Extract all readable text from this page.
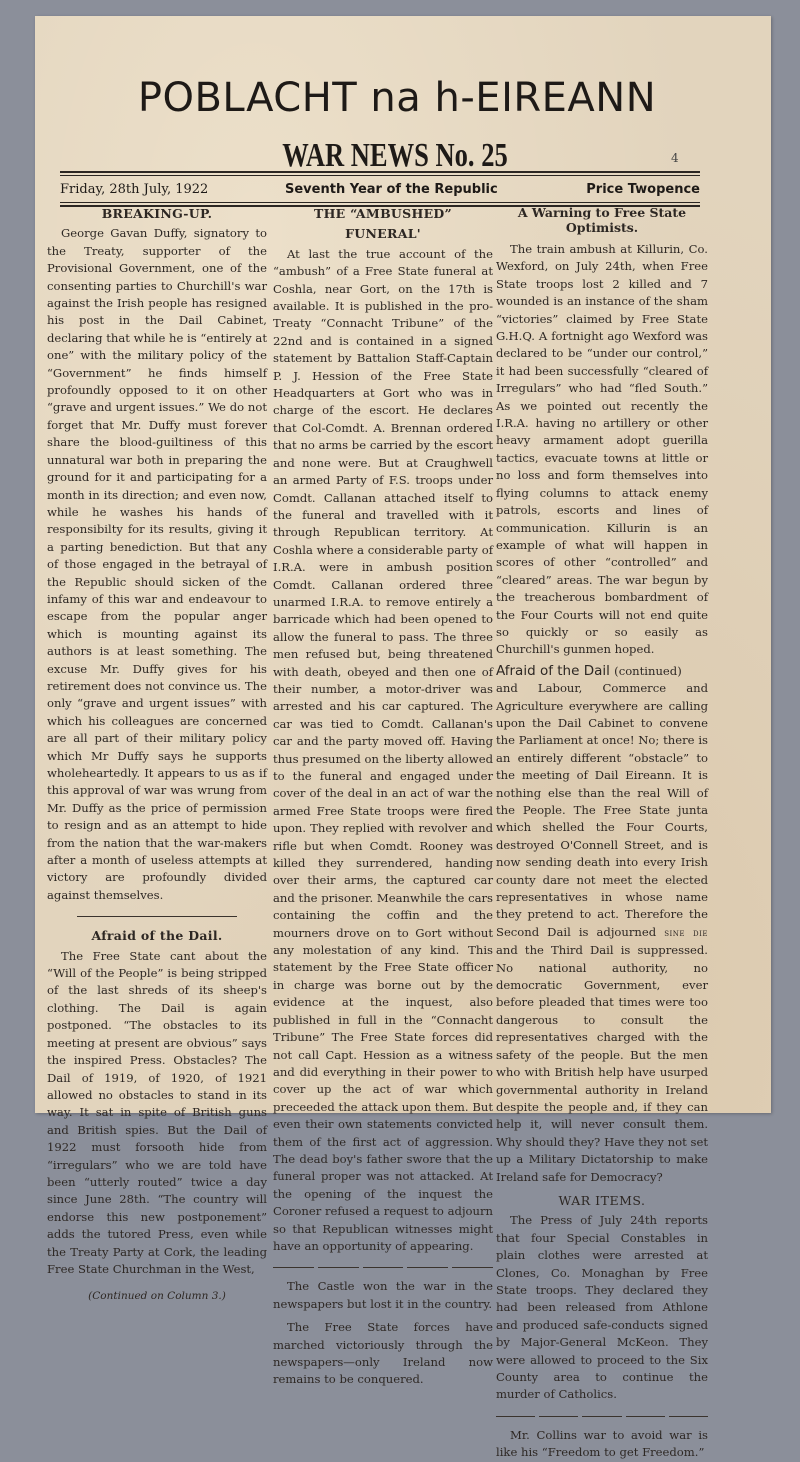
POBLACHT na h-EIREANN
WAR NEWS No. 25	4
Friday, 28th July, 1922	Seventh Year of the Republic	Price Twopence
BREAKING-UP.

George Gavan Duffy, signatory to the Treaty, supporter of the Provisional Government, one of the consenting parties to Churchill's war against the Irish people has resigned his post in the Dail Cabinet, declaring that while he is “entirely at one” with the military policy of the “Government” he finds himself profoundly opposed to it on other “grave and urgent issues.” We do not forget that Mr. Duffy must forever share the blood-guiltiness of this unnatural war both in preparing the ground for it and participating for a month in its direction; and even now, while he washes his hands of responsibilty for its results, giving it a parting benediction. But that any of those engaged in the betrayal of the Republic should sicken of the infamy of this war and endeavour to escape from the popular anger which is mounting against its authors is at least something. The excuse Mr. Duffy gives for his retirement does not convince us. The only “grave and urgent issues” with which his colleagues are concerned are all part of their military policy which Mr Duffy says he supports wholeheartedly. It appears to us as if this approval of war was wrung from Mr. Duffy as the price of permission to resign and as an attempt to hide from the nation that the war-makers after a month of useless attempts at victory are profoundly divided against themselves.

Afraid of the Dail.

The Free State cant about the “Will of the People” is being stripped of the last shreds of its sheep's clothing. The Dail is again postponed. “The obstacles to its meeting at present are obvious” says the inspired Press. Obstacles? The Dail of 1919, of 1920, of 1921 allowed no obstacles to stand in its way. It sat in spite of British guns and British spies. But the Dail of 1922 must forsooth hide from “irregulars” who we are told have been “utterly routed” twice a day since June 28th. “The country will endorse this new postponement” adds the tutored Press, even while the Treaty Party at Cork, the leading Free State Churchman in the West,

(Continued on Column 3.)
THE “AMBUSHED”
FUNERAL'

At last the true account of the “ambush” of a Free State funeral at Coshla, near Gort, on the 17th is available. It is published in the pro-Treaty “Connacht Tribune” of the 22nd and is contained in a signed statement by Battalion Staff-Captain P. J. Hession of the Free State Headquarters at Gort who was in charge of the escort. He declares that Col-Comdt. A. Brennan ordered that no arms be carried by the escort and none were. But at Craughwell an armed Party of F.S. troops under Comdt. Callanan attached itself to the funeral and travelled with it through Republican territory. At Coshla where a considerable party of I.R.A. were in ambush position Comdt. Callanan ordered three unarmed I.R.A. to remove entirely a barricade which had been opened to allow the funeral to pass. The three men refused but, being threatened with death, obeyed and then one of their number, a motor-driver was arrested and his car captured. The car was tied to Comdt. Callanan's car and the party moved off. Having thus presumed on the liberty allowed to the funeral and engaged under cover of the deal in an act of war the armed Free State troops were fired upon. They replied with revolver and rifle but when Comdt. Rooney was killed they surrendered, handing over their arms, the captured car and the prisoner. Meanwhile the cars containing the coffin and the mourners drove on to Gort without any molestation of any kind. This statement by the Free State officer in charge was borne out by the evidence at the inquest, also published in full in the “Connacht Tribune” The Free State forces did not call Capt. Hession as a witness and did everything in their power to cover up the act of war which preceeded the attack upon them. But even their own statements convicted them of the first act of aggression. The dead boy's father swore that the funeral proper was not attacked. At the opening of the inquest the Coroner refused a request to adjourn so that Republican witnesses might have an opportunity of appearing.

The Castle won the war in the newspapers but lost it in the country.

The Free State forces have marched victoriously through the newspapers—only Ireland now remains to be conquered.

A Warning to Free State Optimists.

The train ambush at Killurin, Co. Wexford, on July 24th, when Free State troops lost 2 killed and 7 wounded is an instance of the sham “victories” claimed by Free State G.H.Q. A fortnight ago Wexford was declared to be “under our control,” it had been successfully “cleared of Irregulars” who had “fled South.” As we pointed out recently the I.R.A. having no artillery or other heavy armament adopt guerilla tactics, evacuate towns at little or no loss and form themselves into flying columns to attack enemy patrols, escorts and lines of communication. Killurin is an example of what will happen in scores of other “controlled” and “cleared” areas. The war begun by the treacherous bombardment of the Four Courts will not end quite so quickly or so easily as Churchill's gunmen hoped.

Afraid of the Dail (continued)

and Labour, Commerce and Agriculture everywhere are calling upon the Dail Cabinet to convene the Parliament at once! No; there is an entirely different “obstacle” to the meeting of Dail Eireann. It is nothing else than the real Will of the People. The Free State junta which shelled the Four Courts, destroyed O'Connell Street, and is now sending death into every Irish county dare not meet the elected representatives in whose name they pretend to act. Therefore the Second Dail is adjourned sine die and the Third Dail is suppressed. No national authority, no democratic Government, ever before pleaded that times were too dangerous to consult the representatives charged with the safety of the people. But the men who with British help have usurped governmental authority in Ireland despite the people and, if they can help it, will never consult them. Why should they? Have they not set up a Military Dictatorship to make Ireland safe for Democracy?

WAR ITEMS.

The Press of July 24th reports that four Special Constables in plain clothes were arrested at Clones, Co. Monaghan by Free State troops. They declared they had been released from Athlone and produced safe-conducts signed by Major-General McKeon. They were allowed to proceed to the Six County area to continue the murder of Catholics.

Mr. Collins war to avoid war is like his “Freedom to get Freedom.”
